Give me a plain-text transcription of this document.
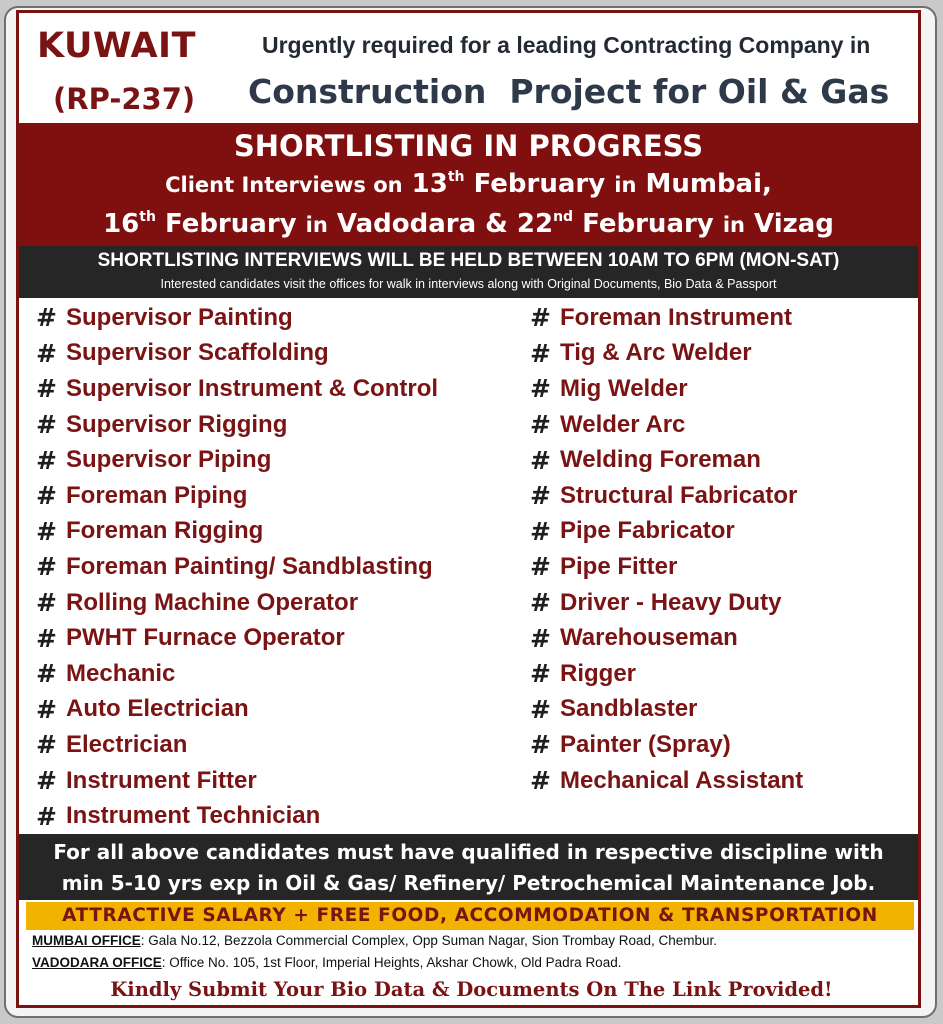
KUWAIT
(RP-237)
Urgently required for a leading Contracting Company in
Construction  Project for Oil & Gas
SHORTLISTING IN PROGRESS
Client Interviews on 13th February in Mumbai,
16th February in Vadodara & 22nd February in Vizag
SHORTLISTING INTERVIEWS WILL BE HELD BETWEEN 10AM TO 6PM (MON-SAT)
Interested candidates visit the offices for walk in interviews along with Original Documents, Bio Data & Passport
# Supervisor Painting
# Supervisor Scaffolding
# Supervisor Instrument & Control
# Supervisor Rigging
# Supervisor Piping
# Foreman Piping
# Foreman Rigging
# Foreman Painting/ Sandblasting
# Rolling Machine Operator
# PWHT Furnace Operator
# Mechanic
# Auto Electrician
# Electrician
# Instrument Fitter
# Instrument Technician
# Foreman Instrument
# Tig & Arc Welder
# Mig Welder
# Welder Arc
# Welding Foreman
# Structural Fabricator
# Pipe Fabricator
# Pipe Fitter
# Driver - Heavy Duty
# Warehouseman
# Rigger
# Sandblaster
# Painter (Spray)
# Mechanical Assistant
For all above candidates must have qualified in respective discipline with
min 5-10 yrs exp in Oil & Gas/ Refinery/ Petrochemical Maintenance Job.
ATTRACTIVE SALARY + FREE FOOD, ACCOMMODATION & TRANSPORTATION
MUMBAI OFFICE: Gala No.12, Bezzola Commercial Complex, Opp Suman Nagar, Sion Trombay Road, Chembur.
VADODARA OFFICE: Office No. 105, 1st Floor, Imperial Heights, Akshar Chowk, Old Padra Road.
Kindly Submit Your Bio Data & Documents On The Link Provided!
